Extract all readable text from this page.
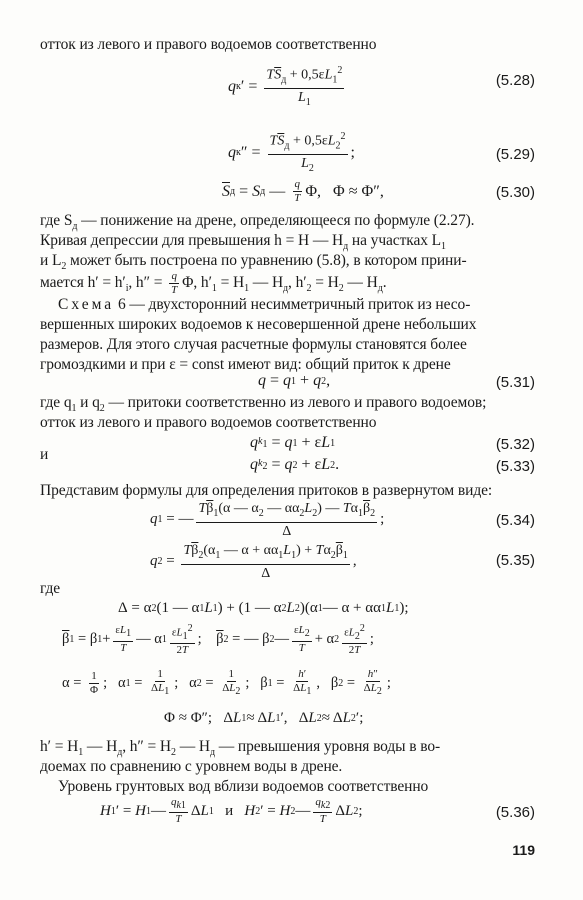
отток из левого и правого водоемов соответственно
q к ′ = $\frac{T\overline{S}_д + 0,5\varepsilon L_1^2}{L_1}$	(5.28)
q к ″ = $\frac{T\overline{S}_д + 0,5\varepsilon L_2^2}{L_2}$ ;	(5.29)
$\overline{S}$ д = S д — $\frac{q}{T} \Phi$,   Φ ≈ Φ″,	(5.30)
где $S_д$ — понижение на дрене, определяющееся по формуле (2.27).
Кривая депрессии для превышения h = H — $H_д$ на участках $L_1$
и $L_2$ может быть построена по уравнению (5.8), в котором прини-
мается $h' = h'_i$, $h'' = \frac{q}{T} \Phi$, $h'_1 = H_1$ — $H_д$, $h'_2 = H_2$ — $H_д$.
Схема 6 — двухсторонний несимметричный приток из несо-
вершенных широких водоемов к несовершенной дрене небольших
размеров. Для этого случая расчетные формулы становятся более
громоздкими и при ε = const имеют вид: общий приток к дрене
q = q 1 + q 2 ,	(5.31)
где $q_1$ и $q_2$ — притоки соответственно из левого и правого водоемов;
отток из левого и правого водоемов соответственно
q $k_1 = q$ 1 + ε L 1	(5.32)
и
q $k_2 = q$ 2 + ε L 2 .	(5.33)
Представим формулы для определения притоков в развернутом виде:
q 1 = — $\frac{T\overline{\beta}_1(\alpha — \alpha_2 — \alpha\alpha_2L_2) — T\alpha_1\overline{\beta}_2}{\Delta}$ ;	(5.34)
q $2 = \frac{T\overline{\beta}_2(\alpha_1 — \alpha + \alpha\alpha_1L_1) + T\alpha_2\overline{\beta}_1}{\Delta}$ ,	(5.35)
где
Δ = α 2 (1 — α 1 L 1 ) + (1 — α 2 L 2 )(α 1 — α + αα 1 L 1 );
$\overline{\beta}$ 1 = β $1 + \frac{\varepsilon L_1}{T}$ — α $1 \frac{\varepsilon L_1^2}{2T}$ ; $\overline{\beta}$ 2 = — β 2 — $\frac{\varepsilon L_2}{T} + \alpha$ $2 \frac{\varepsilon L_2^2}{2T}$ ;
$\alpha = \frac{1}{\Phi}$ ;   α $1 = \frac{1}{\Delta L_1}$ ;   α $2 = \frac{1}{\Delta L_2}$ ;   β $1 = \frac{h'}{\Delta L_1}$ ,   β $2 = \frac{h''}{\Delta L_2}$ ;
Φ ≈ Φ″;   Δ L 1 ≈ Δ L 1 ′,   Δ L 2 ≈ Δ L 2 ′;
$h' = H_1$ — $H_д$, $h'' = H_2$ — $H_д$ — превышения уровня воды в во-
доемах по сравнению с уровнем воды в дрене.
Уровень грунтовых вод вблизи водоемов соответственно
H 1 ′ = H 1 — $\frac{q_{k1}}{T}$ Δ L 1
и
H 2 ′ = H 2 — $\frac{q_{k2}}{T}$ Δ L 2 ;	(5.36)
119
